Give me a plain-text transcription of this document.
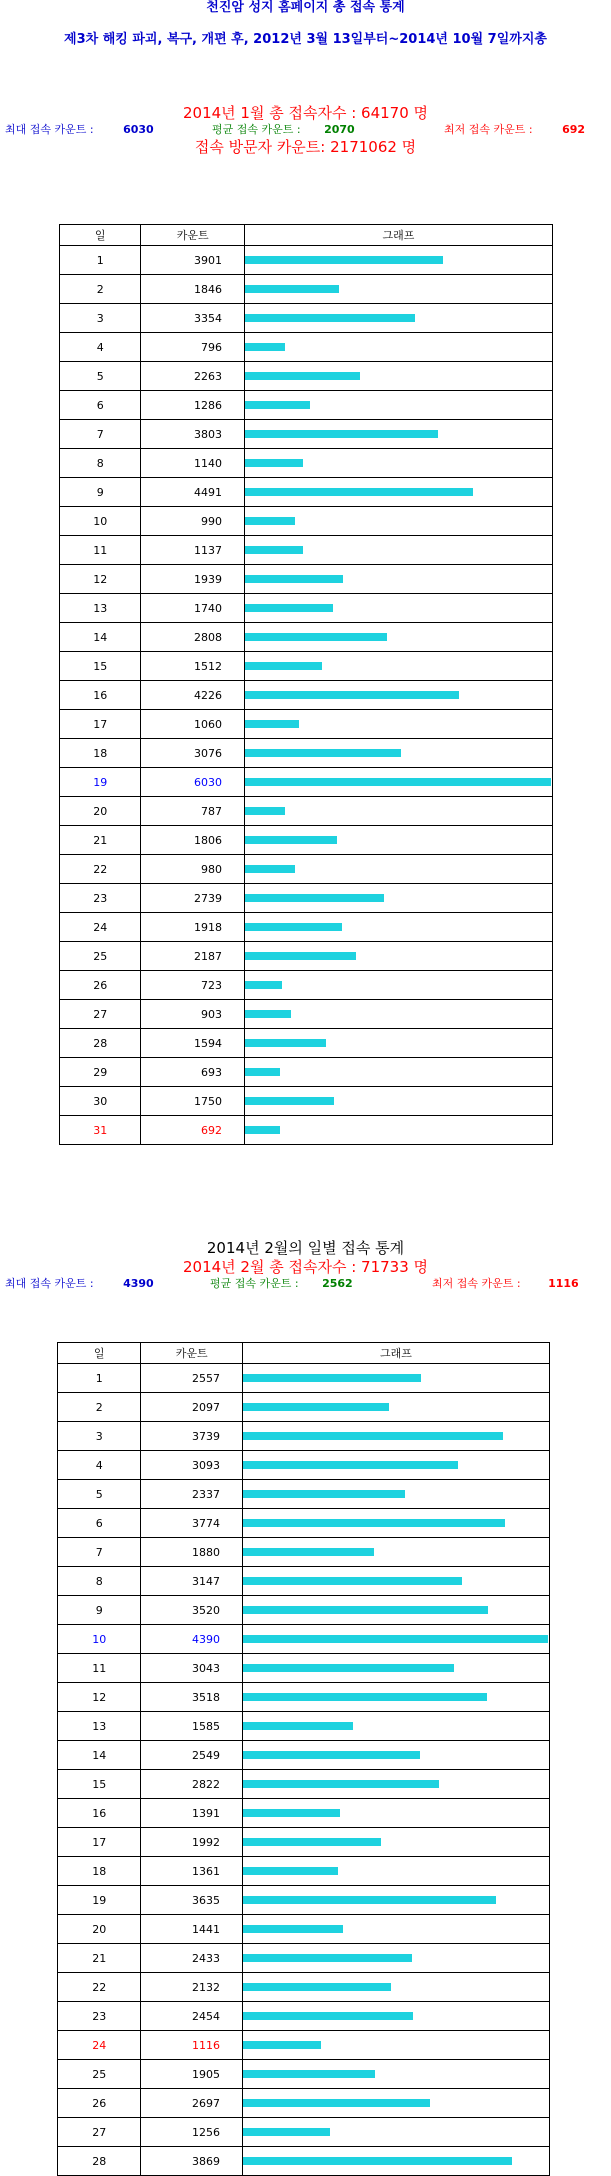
천진암 성지 홈페이지 총 접속 통계
제3차 해킹 파괴, 복구, 개편 후, 2012년 3월 13일부터~2014년 10월 7일까지총
2014년 1월 총 접속자수 : 64170 명
최대 접속 카운트 :	6030	평균 접속 카운트 : 2070	최저 접속 카운트 :	692
접속 방문자 카운트: 2171062 명
일	카운트	그래프
1	3901	

2	1846	

3	3354	

4	796	

5	2263	

6	1286	

7	3803	

8	1140	

9	4491	

10	990	

11	1137	

12	1939	

13	1740	

14	2808	

15	1512	

16	4226	

17	1060	

18	3076	

19	6030	

20	787	

21	1806	

22	980	

23	2739	

24	1918	

25	2187	

26	723	

27	903	

28	1594	

29	693	

30	1750	

31	692	
2014년 2월의 일별 접속 통계
2014년 2월 총 접속자수 : 71733 명
최대 접속 카운트 :	4390	평균 접속 카운트 : 2562	최저 접속 카운트 :	1116
일	카운트	그래프
1	2557	

2	2097	

3	3739	

4	3093	

5	2337	

6	3774	

7	1880	

8	3147	

9	3520	

10	4390	

11	3043	

12	3518	

13	1585	

14	2549	

15	2822	

16	1391	

17	1992	

18	1361	

19	3635	

20	1441	

21	2433	

22	2132	

23	2454	

24	1116	

25	1905	

26	2697	

27	1256	

28	3869	
